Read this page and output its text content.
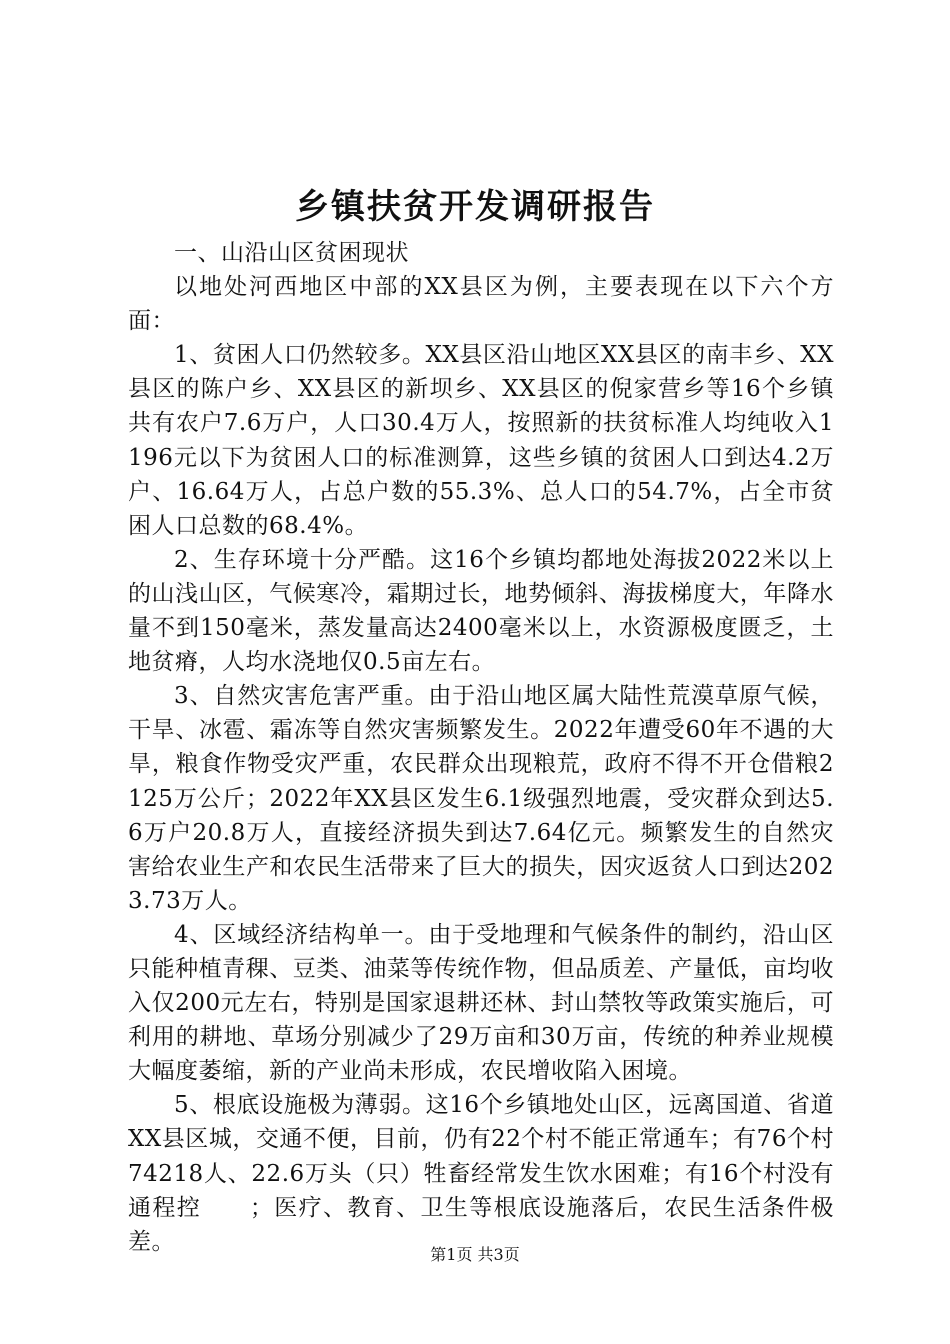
乡镇扶贫开发调研报告

一、山沿山区贫困现状

以地处河西地区中部的XX县区为例，主要表现在以下六个方面：

1、贫困人口仍然较多。XX县区沿山地区XX县区的南丰乡、XX县区的陈户乡、XX县区的新坝乡、XX县区的倪家营乡等16个乡镇共有农户7.6万户，人口30.4万人，按照新的扶贫标准人均纯收入1196元以下为贫困人口的标准测算，这些乡镇的贫困人口到达4.2万户、16.64万人，占总户数的55.3%、总人口的54.7%，占全市贫困人口总数的68.4%。

2、生存环境十分严酷。这16个乡镇均都地处海拔2022米以上的山浅山区，气候寒冷，霜期过长，地势倾斜、海拔梯度大，年降水量不到150毫米，蒸发量高达2400毫米以上，水资源极度匮乏，土地贫瘠，人均水浇地仅0.5亩左右。

3、自然灾害危害严重。由于沿山地区属大陆性荒漠草原气候，干旱、冰雹、霜冻等自然灾害频繁发生。2022年遭受60年不遇的大旱，粮食作物受灾严重，农民群众出现粮荒，政府不得不开仓借粮2125万公斤；2022年XX县区发生6.1级强烈地震，受灾群众到达5.6万户20.8万人，直接经济损失到达7.64亿元。频繁发生的自然灾害给农业生产和农民生活带来了巨大的损失，因灾返贫人口到达2023.73万人。

4、区域经济结构单一。由于受地理和气候条件的制约，沿山区只能种植青稞、豆类、油菜等传统作物，但品质差、产量低，亩均收入仅200元左右，特别是国家退耕还林、封山禁牧等政策实施后，可利用的耕地、草场分别减少了29万亩和30万亩，传统的种养业规模大幅度萎缩，新的产业尚未形成，农民增收陷入困境。

5、根底设施极为薄弱。这16个乡镇地处山区，远离国道、省道XX县区城，交通不便，目前，仍有22个村不能正常通车；有76个村74218人、22.6万头（只）牲畜经常发生饮水困难；有16个村没有通程控　　；医疗、教育、卫生等根底设施落后，农民生活条件极差。	第1页 共3页
